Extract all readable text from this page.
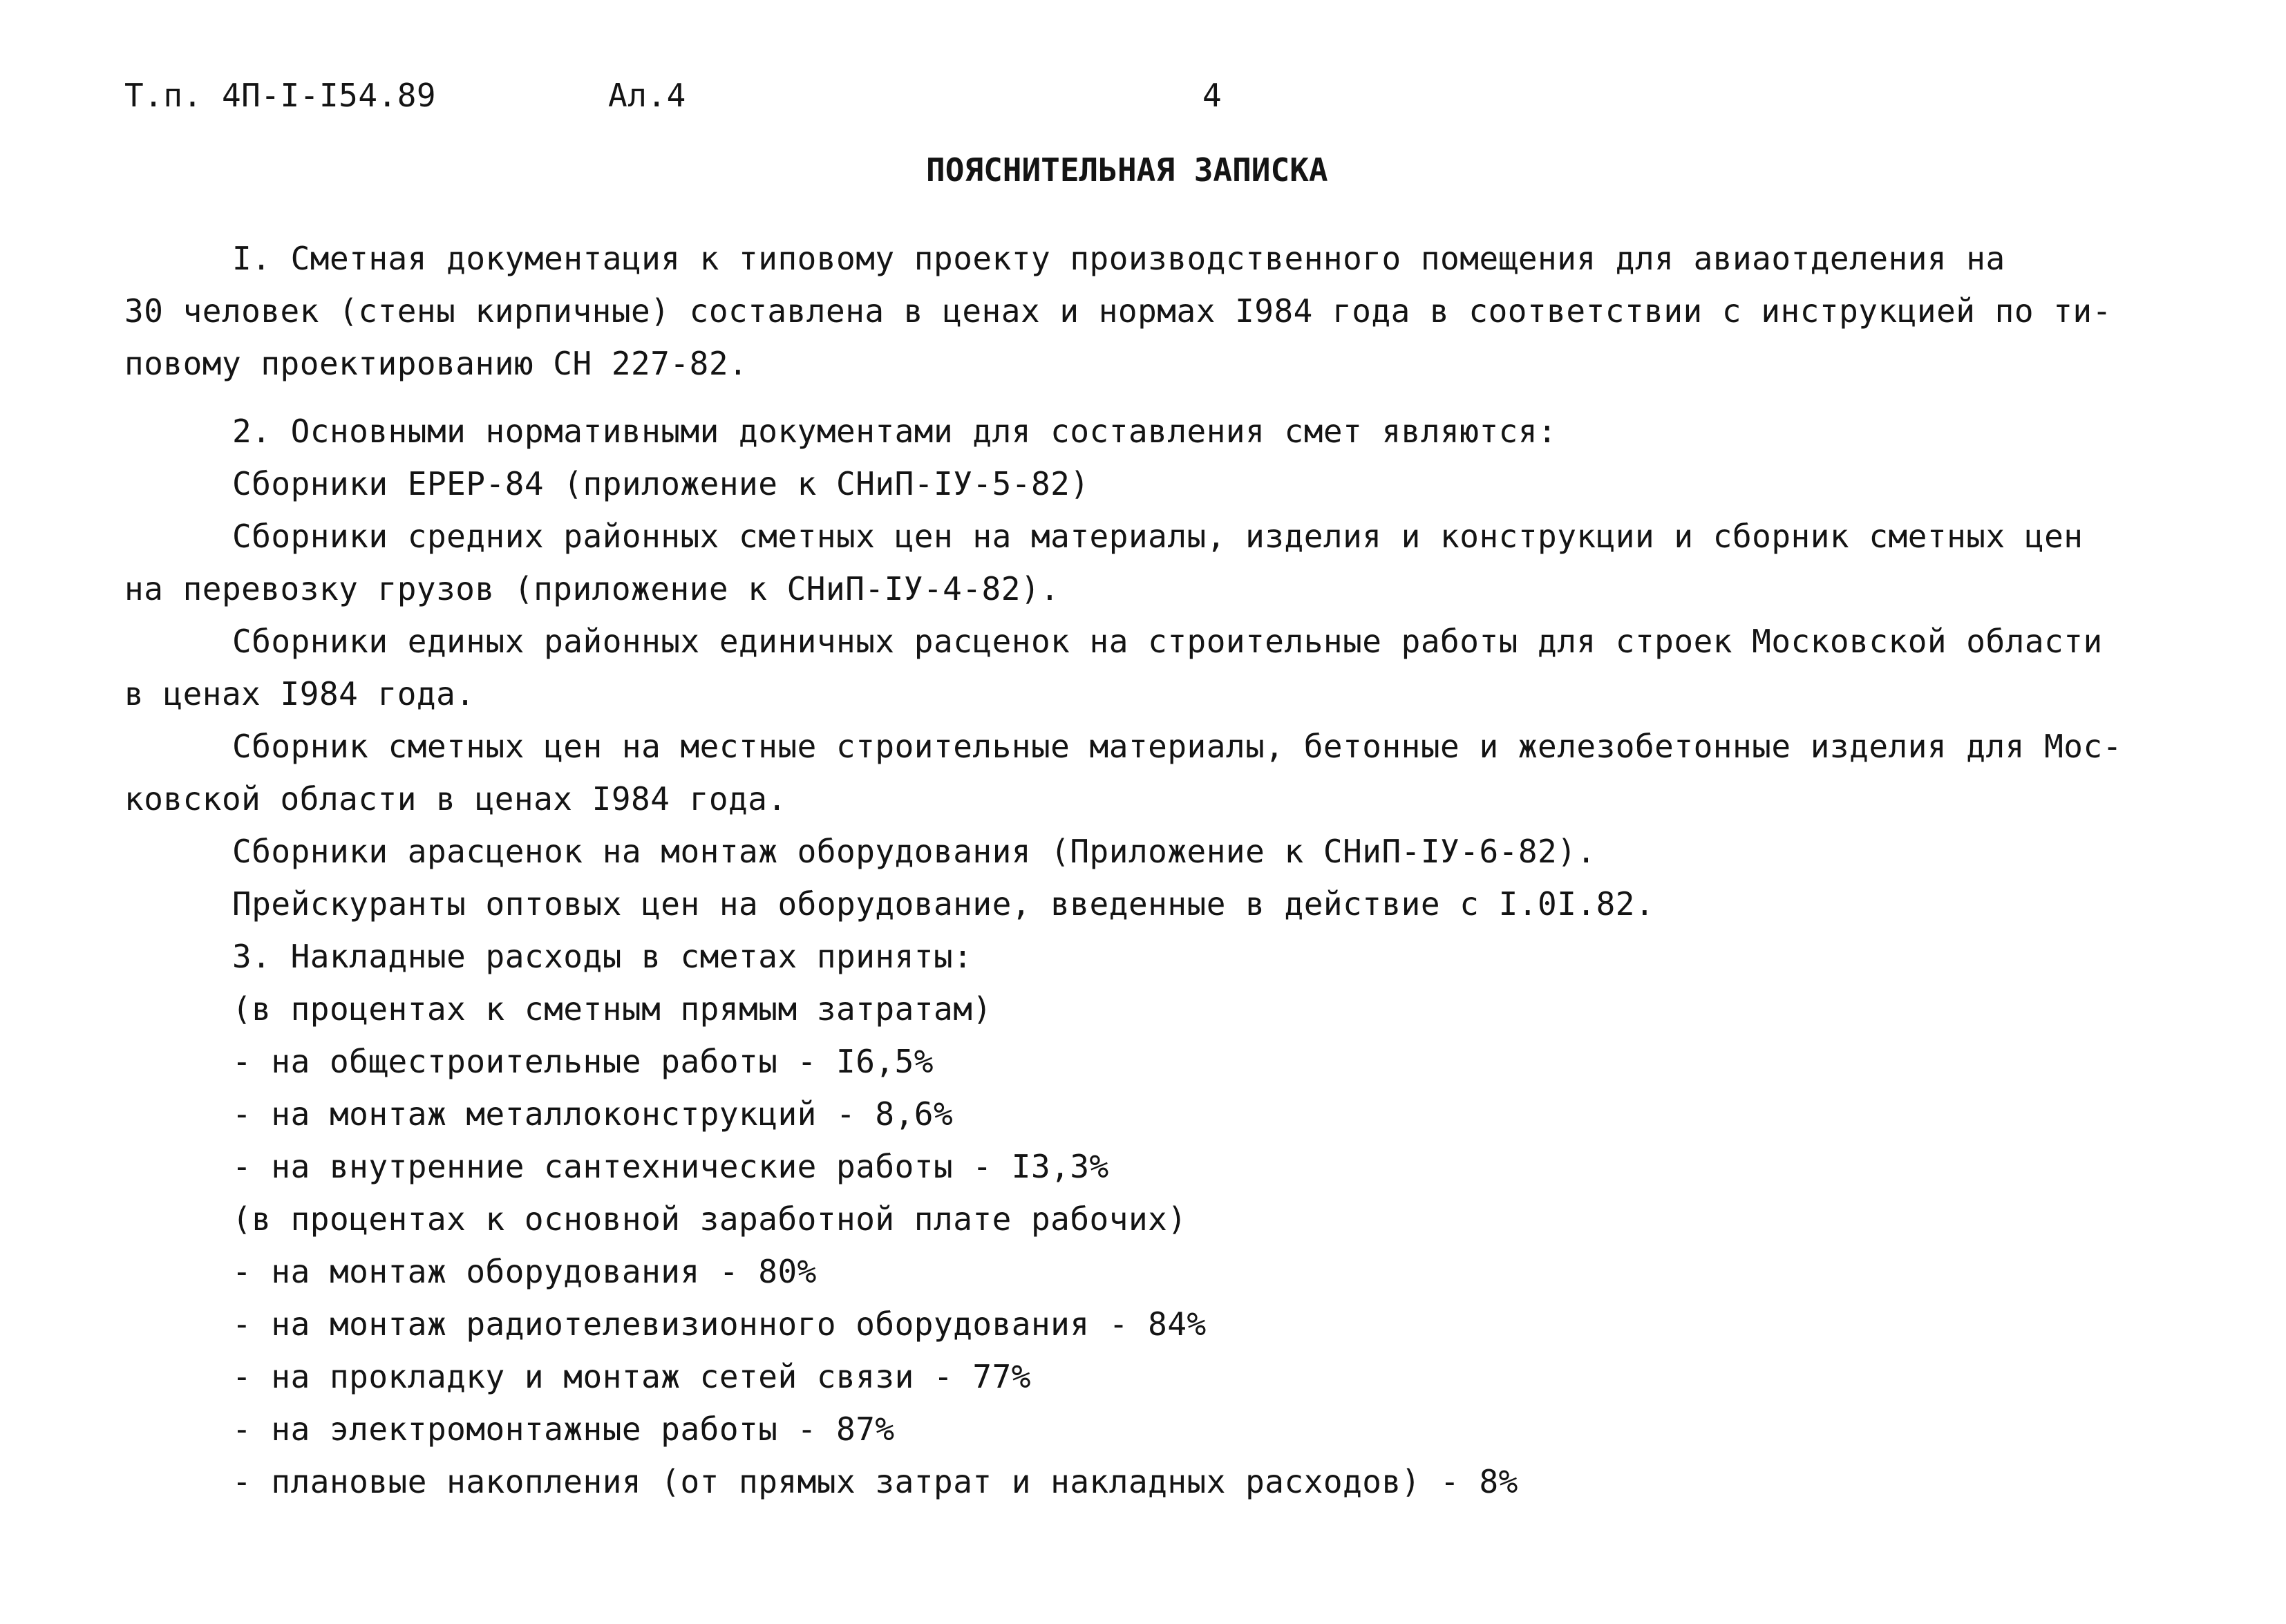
Т.п. 4П-I-I54.89	Ал.4	4
ПОЯСНИТЕЛЬНАЯ ЗАПИСКА
I. Сметная документация к типовому проекту производственного помещения для авиаотделения на
30 человек (стены кирпичные) составлена в ценах и нормах I984 года в соответствии с инструкцией по ти-
повому проектированию СН 227-82.
2. Основными нормативными документами для составления смет являются:
Сборники ЕРЕР-84 (приложение к СНиП-IУ-5-82)
Сборники средних районных сметных цен на материалы, изделия и конструкции и сборник сметных цен
на перевозку грузов (приложение к СНиП-IУ-4-82).
Сборники единых районных единичных расценок на строительные работы для строек Московской области
в ценах I984 года.
Сборник сметных цен на местные строительные материалы, бетонные и железобетонные изделия для Мос-
ковской области в ценах I984 года.
Сборники арасценок на монтаж оборудования (Приложение к СНиП-IУ-6-82).
Прейскуранты оптовых цен на оборудование, введенные в действие с I.0I.82.
3. Накладные расходы в сметах приняты:
(в процентах к сметным прямым затратам)
- на общестроительные работы - I6,5%
- на монтаж металлоконструкций - 8,6%
- на внутренние сантехнические работы - I3,3%
(в процентах к основной заработной плате рабочих)
- на монтаж оборудования - 80%
- на монтаж радиотелевизионного оборудования - 84%
- на прокладку и монтаж сетей связи - 77%
- на электромонтажные работы - 87%
- плановые накопления (от прямых затрат и накладных расходов) - 8%
